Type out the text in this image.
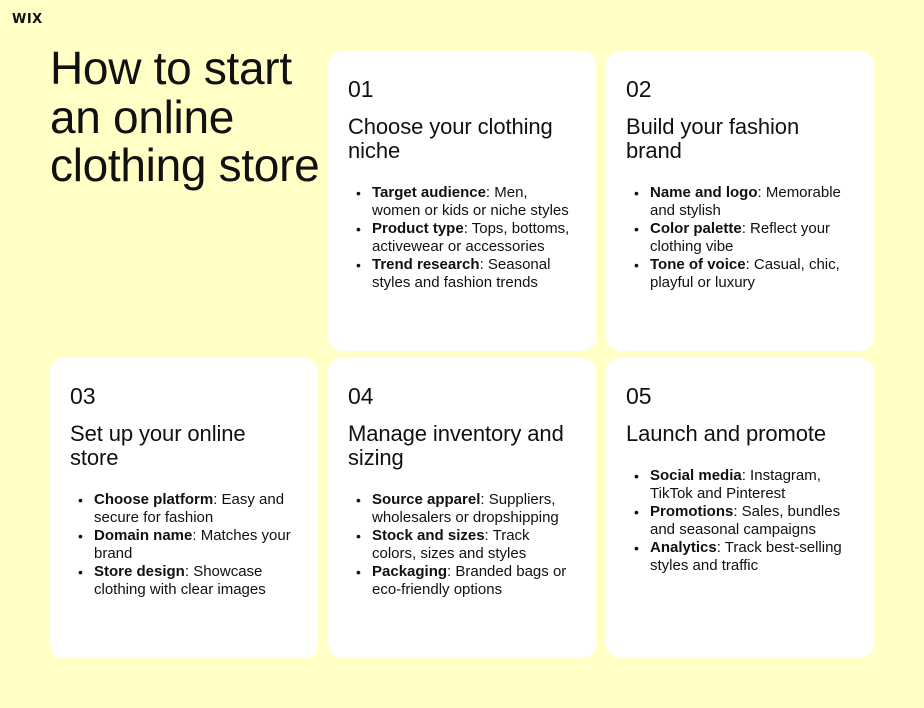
WIX
How to start an online clothing store
01
Choose your clothing niche
• Target audience: Men, women or kids or niche styles
• Product type: Tops, bottoms, activewear or accessories
• Trend research: Seasonal styles and fashion trends
02
Build your fashion brand
• Name and logo: Memorable and stylish
• Color palette: Reflect your clothing vibe
• Tone of voice: Casual, chic, playful or luxury
03
Set up your online store
• Choose platform: Easy and secure for fashion
• Domain name: Matches your brand
• Store design: Showcase clothing with clear images
04
Manage inventory and sizing
• Source apparel: Suppliers, wholesalers or dropshipping
• Stock and sizes: Track colors, sizes and styles
• Packaging: Branded bags or eco-friendly options
05
Launch and promote
• Social media: Instagram, TikTok and Pinterest
• Promotions: Sales, bundles and seasonal campaigns
• Analytics: Track best-selling styles and traffic
